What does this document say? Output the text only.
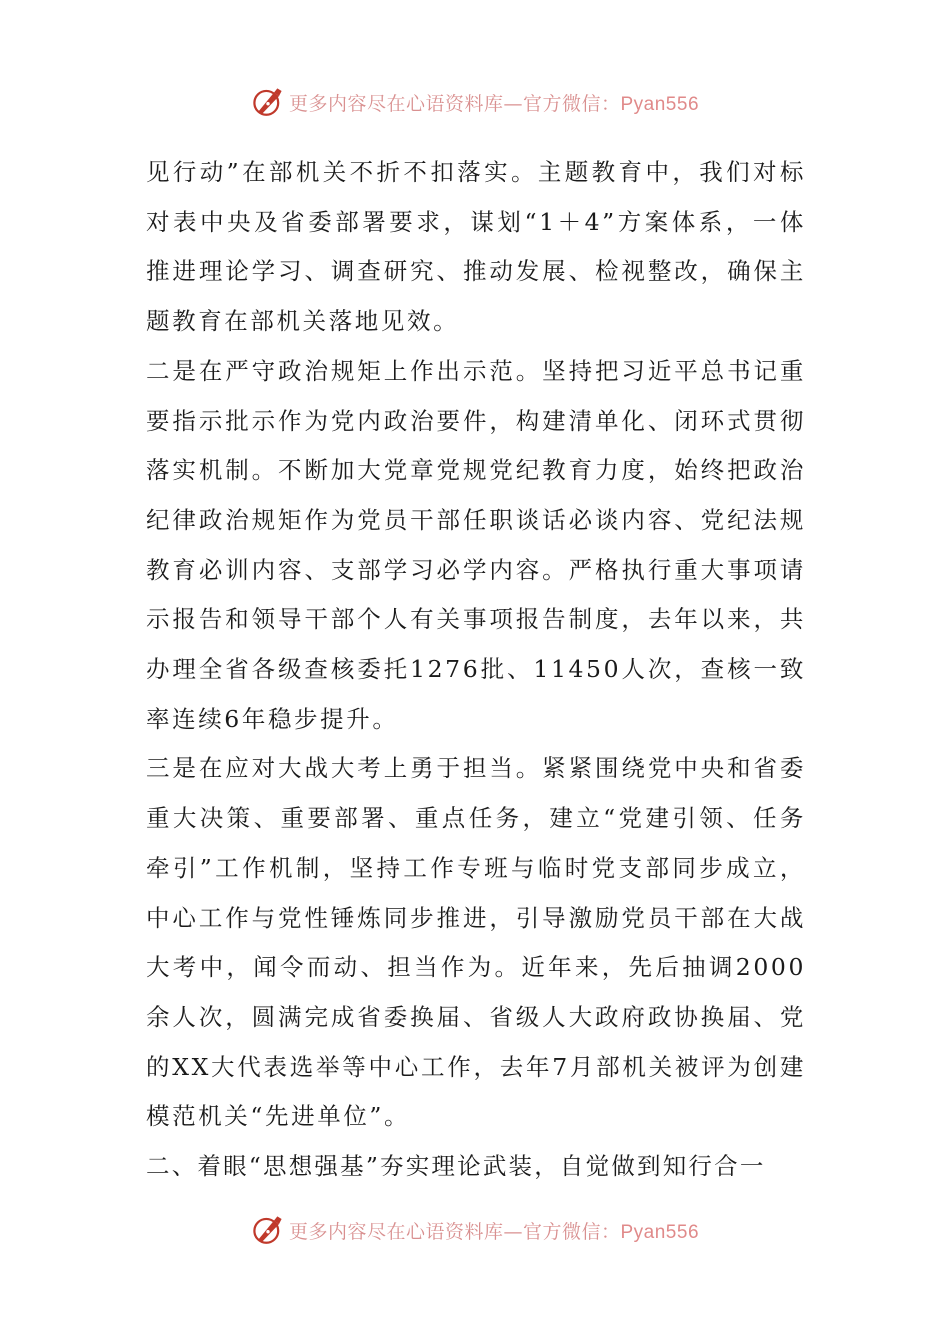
更多内容尽在心语资料库—官方微信：Pyan556

见行动”在部机关不折不扣落实。主题教育中，我们对标对表中央及省委部署要求，谋划“1＋4”方案体系，一体推进理论学习、调查研究、推动发展、检视整改，确保主题教育在部机关落地见效。

二是在严守政治规矩上作出示范。坚持把习近平总书记重要指示批示作为党内政治要件，构建清单化、闭环式贯彻落实机制。不断加大党章党规党纪教育力度，始终把政治纪律政治规矩作为党员干部任职谈话必谈内容、党纪法规教育必训内容、支部学习必学内容。严格执行重大事项请示报告和领导干部个人有关事项报告制度，去年以来，共办理全省各级查核委托1276批、11450人次，查核一致率连续6年稳步提升。

三是在应对大战大考上勇于担当。紧紧围绕党中央和省委重大决策、重要部署、重点任务，建立“党建引领、任务牵引”工作机制，坚持工作专班与临时党支部同步成立，中心工作与党性锤炼同步推进，引导激励党员干部在大战大考中，闻令而动、担当作为。近年来，先后抽调2000余人次，圆满完成省委换届、省级人大政府政协换届、党的XX大代表选举等中心工作，去年7月部机关被评为创建模范机关“先进单位”。

二、着眼“思想强基”夯实理论武装，自觉做到知行合一

更多内容尽在心语资料库—官方微信：Pyan556
